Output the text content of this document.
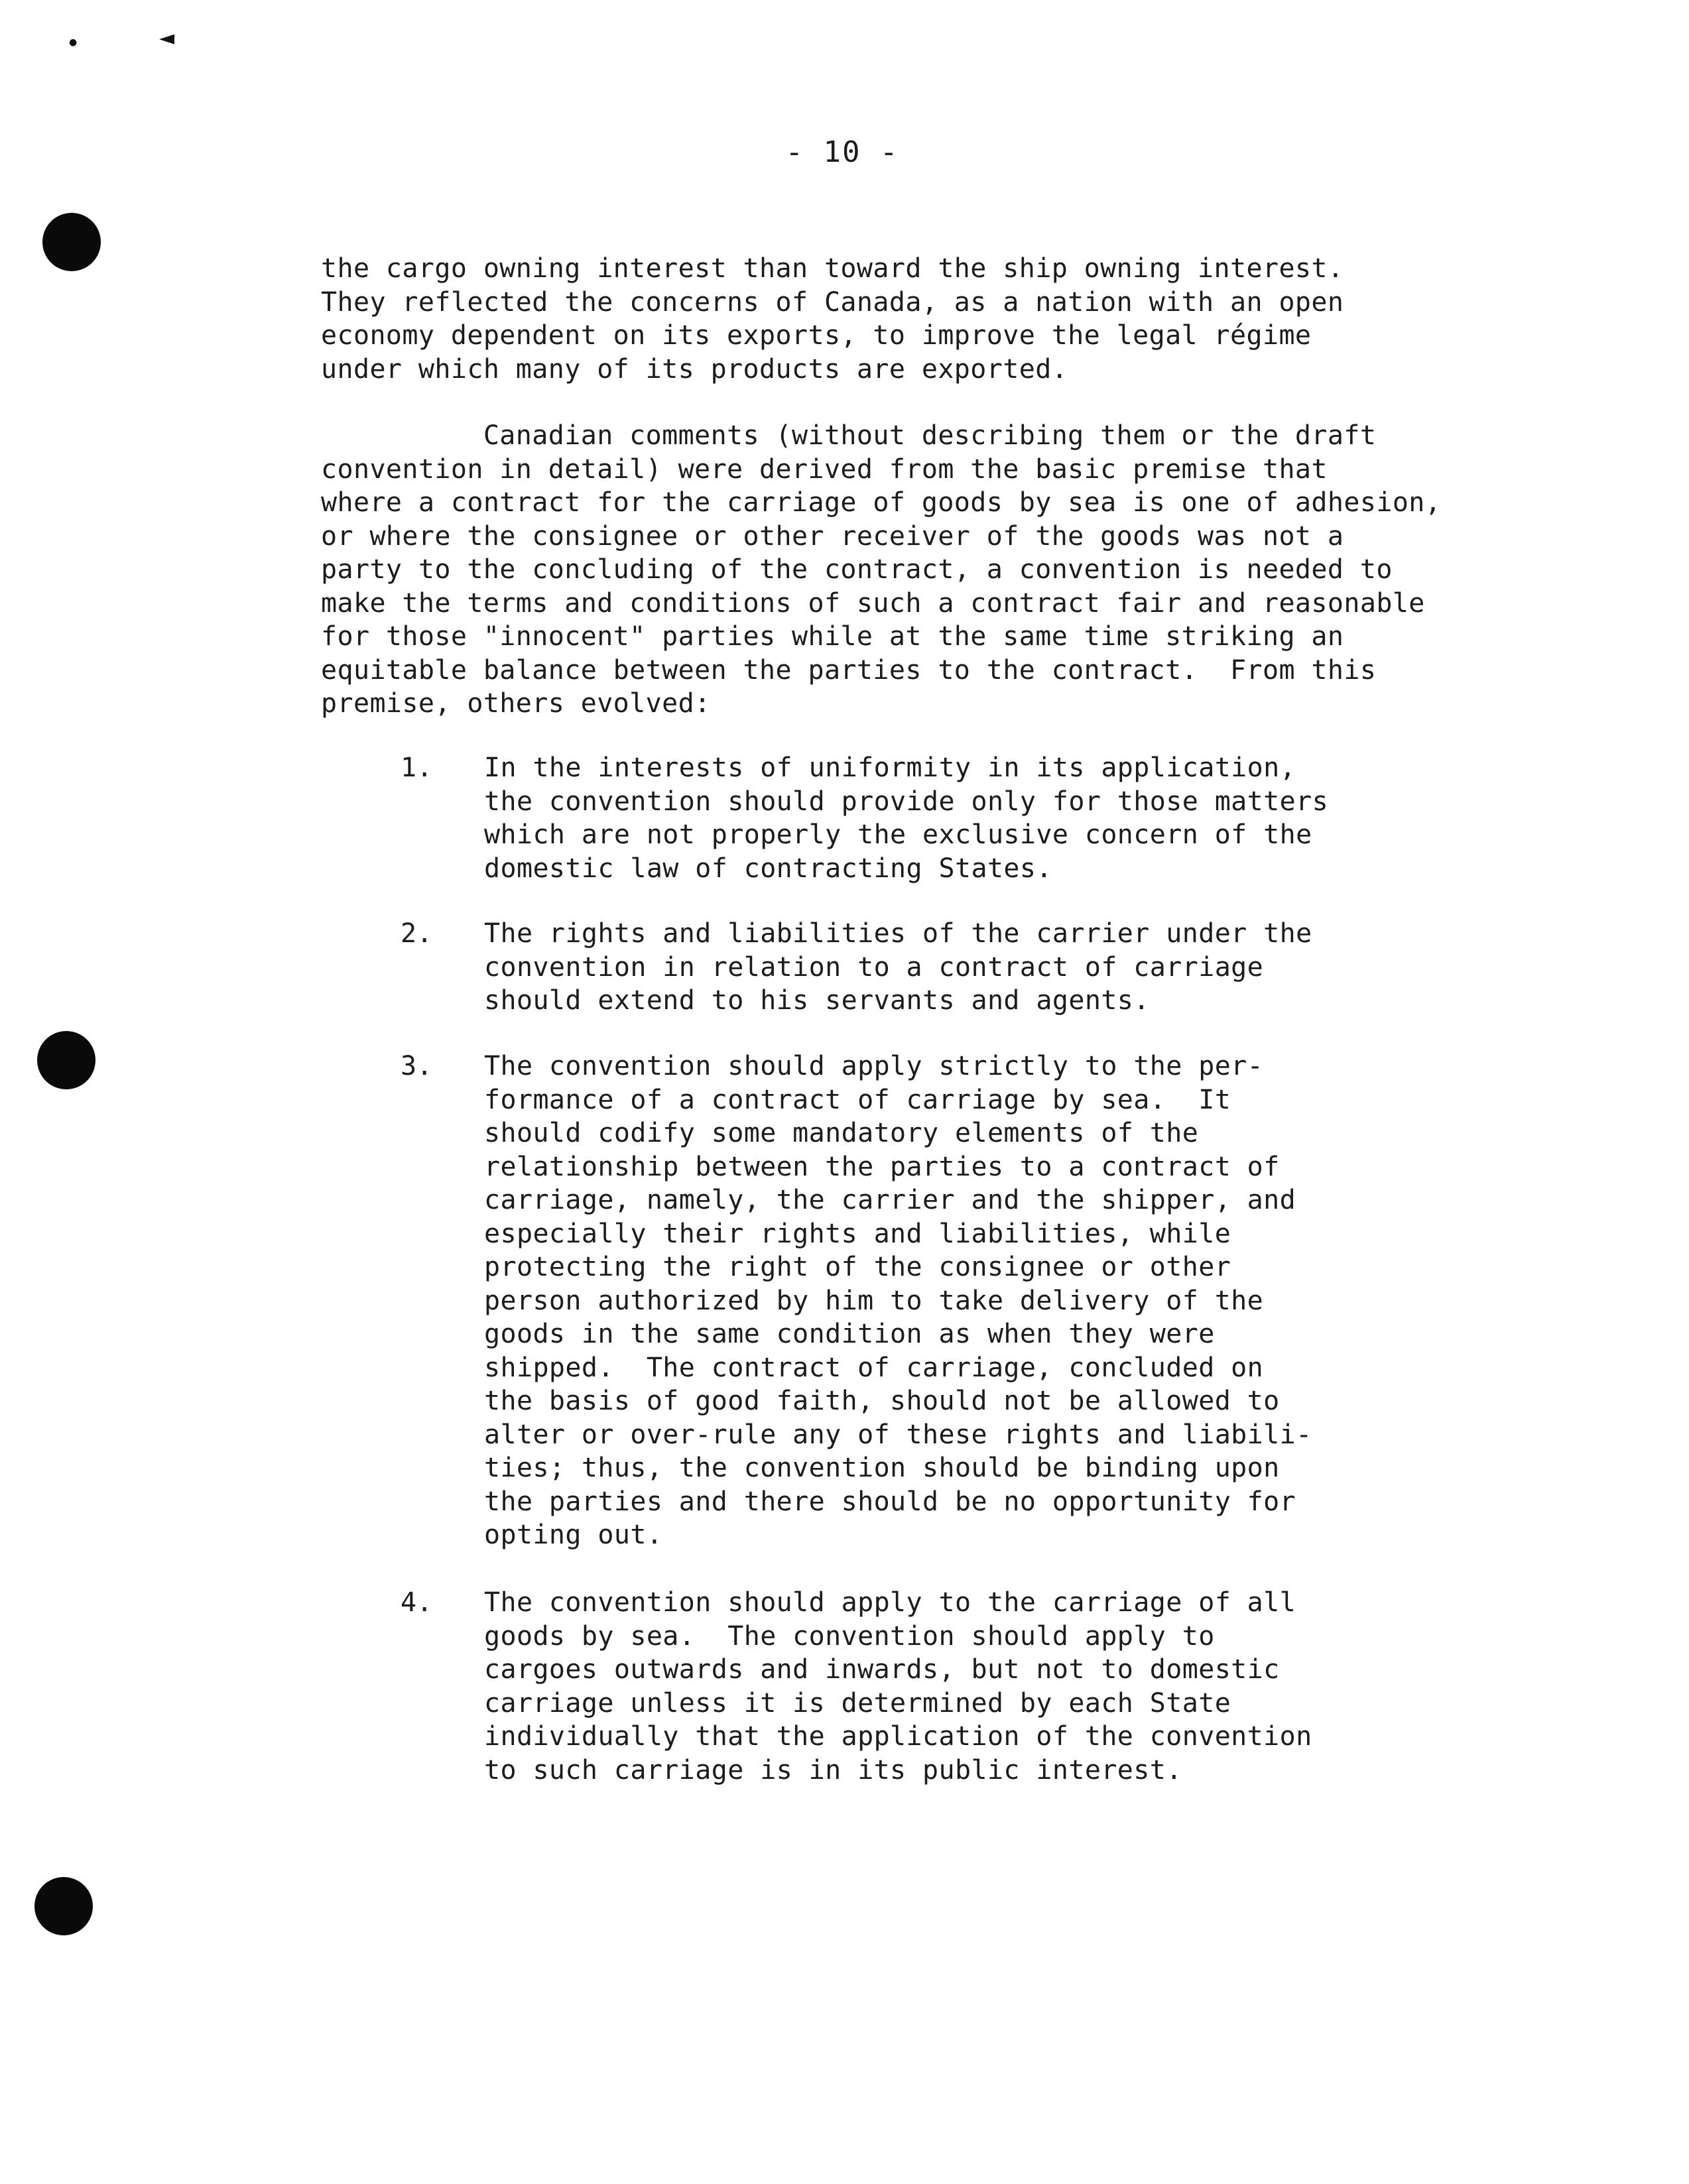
●	◄
- 10 -
the cargo owning interest than toward the ship owning interest.
They reflected the concerns of Canada, as a nation with an open
economy dependent on its exports, to improve the legal régime
under which many of its products are exported.
Canadian comments (without describing them or the draft
convention in detail) were derived from the basic premise that
where a contract for the carriage of goods by sea is one of adhesion,
or where the consignee or other receiver of the goods was not a
party to the concluding of the contract, a convention is needed to
make the terms and conditions of such a contract fair and reasonable
for those "innocent" parties while at the same time striking an
equitable balance between the parties to the contract.  From this
premise, others evolved:
1. In the interests of uniformity in its application,
the convention should provide only for those matters
which are not properly the exclusive concern of the
domestic law of contracting States.
2. The rights and liabilities of the carrier under the
convention in relation to a contract of carriage
should extend to his servants and agents.
3. The convention should apply strictly to the per-
formance of a contract of carriage by sea.  It
should codify some mandatory elements of the
relationship between the parties to a contract of
carriage, namely, the carrier and the shipper, and
especially their rights and liabilities, while
protecting the right of the consignee or other
person authorized by him to take delivery of the
goods in the same condition as when they were
shipped.  The contract of carriage, concluded on
the basis of good faith, should not be allowed to
alter or over-rule any of these rights and liabili-
ties; thus, the convention should be binding upon
the parties and there should be no opportunity for
opting out.
4. The convention should apply to the carriage of all
goods by sea.  The convention should apply to
cargoes outwards and inwards, but not to domestic
carriage unless it is determined by each State
individually that the application of the convention
to such carriage is in its public interest.
